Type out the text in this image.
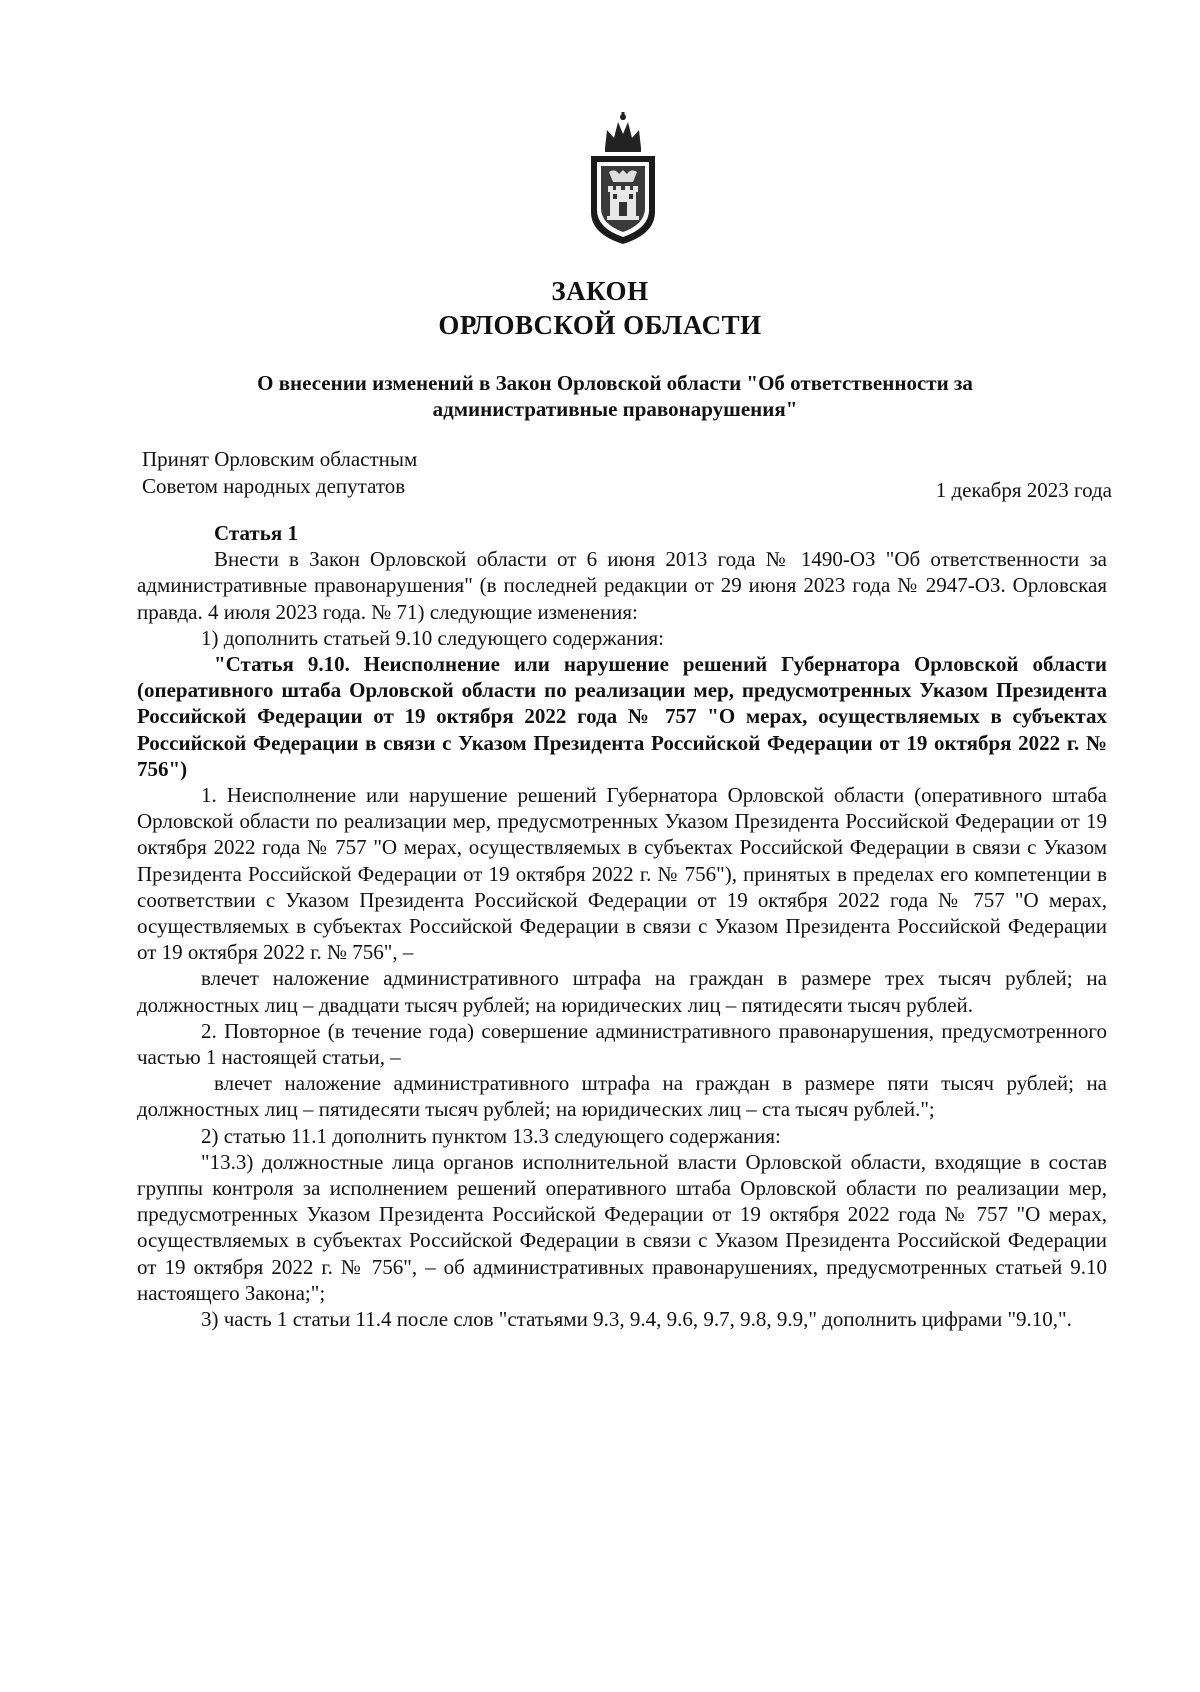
ЗАКОН
ОРЛОВСКОЙ ОБЛАСТИ
О внесении изменений в Закон Орловской области "Об ответственности за административные правонарушения"
Принят Орловским областным
Советом народных депутатов	1 декабря 2023 года

Статья 1

Внести в Закон Орловской области от 6 июня 2013 года № 1490-ОЗ "Об ответственности за административные правонарушения" (в последней редакции от 29 июня 2023 года № 2947-ОЗ. Орловская правда. 4 июля 2023 года. № 71) следующие изменения:

1) дополнить статьей 9.10 следующего содержания:

"Статья 9.10. Неисполнение или нарушение решений Губернатора Орловской области (оперативного штаба Орловской области по реализации мер, предусмотренных Указом Президента Российской Федерации от 19 октября 2022 года № 757 "О мерах, осуществляемых в субъектах Российской Федерации в связи с Указом Президента Российской Федерации от 19 октября 2022 г. № 756")

1. Неисполнение или нарушение решений Губернатора Орловской области (оперативного штаба Орловской области по реализации мер, предусмотренных Указом Президента Российской Федерации от 19 октября 2022 года № 757 "О мерах, осуществляемых в субъектах Российской Федерации в связи с Указом Президента Российской Федерации от 19 октября 2022 г. № 756"), принятых в пределах его компетенции в соответствии с Указом Президента Российской Федерации от 19 октября 2022 года № 757 "О мерах, осуществляемых в субъектах Российской Федерации в связи с Указом Президента Российской Федерации от 19 октября 2022 г. № 756", –

влечет наложение административного штрафа на граждан в размере трех тысяч рублей; на должностных лиц – двадцати тысяч рублей; на юридических лиц – пятидесяти тысяч рублей.

2. Повторное (в течение года) совершение административного правонарушения, предусмотренного частью 1 настоящей статьи, –

влечет наложение административного штрафа на граждан в размере пяти тысяч рублей; на должностных лиц – пятидесяти тысяч рублей; на юридических лиц – ста тысяч рублей.";

2) статью 11.1 дополнить пунктом 13.3 следующего содержания:

"13.3) должностные лица органов исполнительной власти Орловской области, входящие в состав группы контроля за исполнением решений оперативного штаба Орловской области по реализации мер, предусмотренных Указом Президента Российской Федерации от 19 октября 2022 года № 757 "О мерах, осуществляемых в субъектах Российской Федерации в связи с Указом Президента Российской Федерации от 19 октября 2022 г. № 756", – об административных правонарушениях, предусмотренных статьей 9.10 настоящего Закона;";

3) часть 1 статьи 11.4 после слов "статьями 9.3, 9.4, 9.6, 9.7, 9.8, 9.9," дополнить цифрами "9.10,".
